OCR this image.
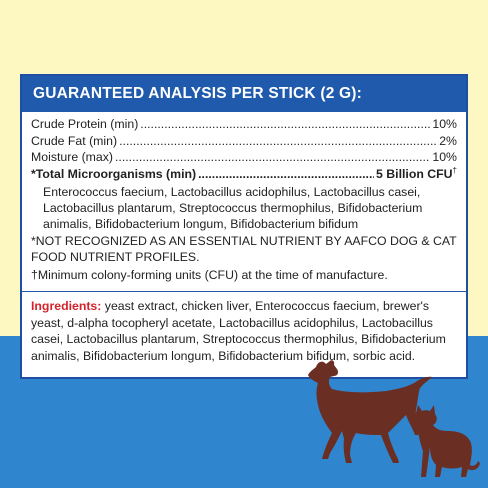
GUARANTEED ANALYSIS PER STICK (2 G):
Crude Protein (min) .....	10%
Crude Fat (min) .....	2%
Moisture (max) .....	10%
*Total Microorganisms (min) .....	5 Billion CFU†
Enterococcus faecium, Lactobacillus acidophilus, Lactobacillus casei, Lactobacillus plantarum, Streptococcus thermophilus, Bifidobacterium animalis, Bifidobacterium longum, Bifidobacterium bifidum
*NOT RECOGNIZED AS AN ESSENTIAL NUTRIENT BY AAFCO DOG & CAT FOOD NUTRIENT PROFILES.
†Minimum colony-forming units (CFU) at the time of manufacture.
Ingredients: yeast extract, chicken liver, Enterococcus faecium, brewer's yeast, d-alpha tocopheryl acetate, Lactobacillus acidophilus, Lactobacillus casei, Lactobacillus plantarum, Streptococcus thermophilus, Bifidobacterium animalis, Bifidobacterium longum, Bifidobacterium bifidum, sorbic acid.
